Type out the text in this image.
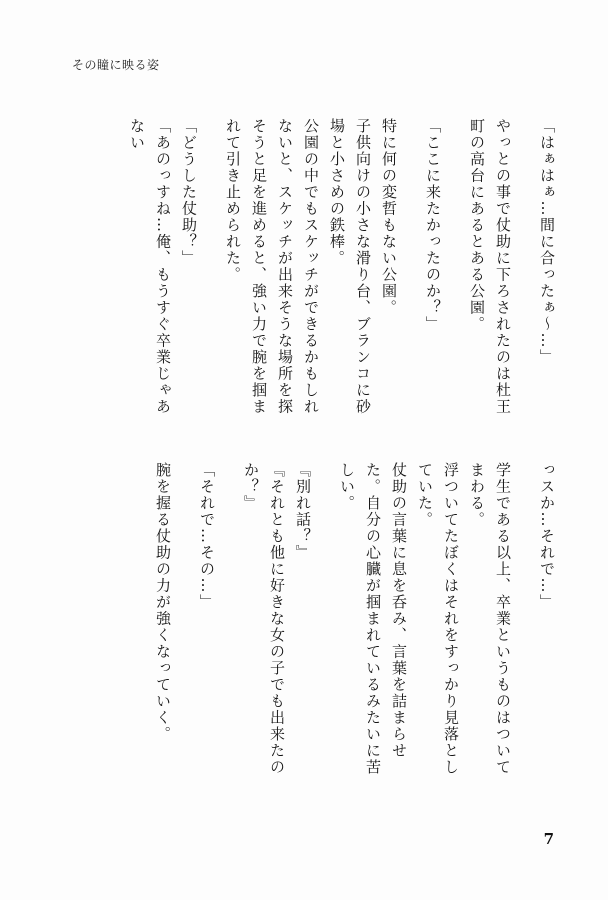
その瞳に映る姿

「はぁはぁ…間に合ったぁ～…」

やっとの事で仗助に下ろされたのは杜王町の高台にあるとある公園。

「ここに来たかったのか？」

特に何の変哲もない公園。

子供向けの小さな滑り台、ブランコに砂場と小さめの鉄棒。

公園の中でもスケッチができるかもしれないと、スケッチが出来そうな場所を探そうと足を進めると、強い力で腕を掴まれて引き止められた。

「どうした仗助？」

「あのっすね…俺、もうすぐ卒業じゃあない

っスか…それで…」

学生である以上、卒業というものはついてまわる。

浮ついてたぼくはそれをすっかり見落としていた。

仗助の言葉に息を呑み、言葉を詰まらせた。自分の心臓が掴まれているみたいに苦しい。

『別れ話？』

『それとも他に好きな女の子でも出来たのか？』

「それで…その…」

腕を握る仗助の力が強くなっていく。

7
